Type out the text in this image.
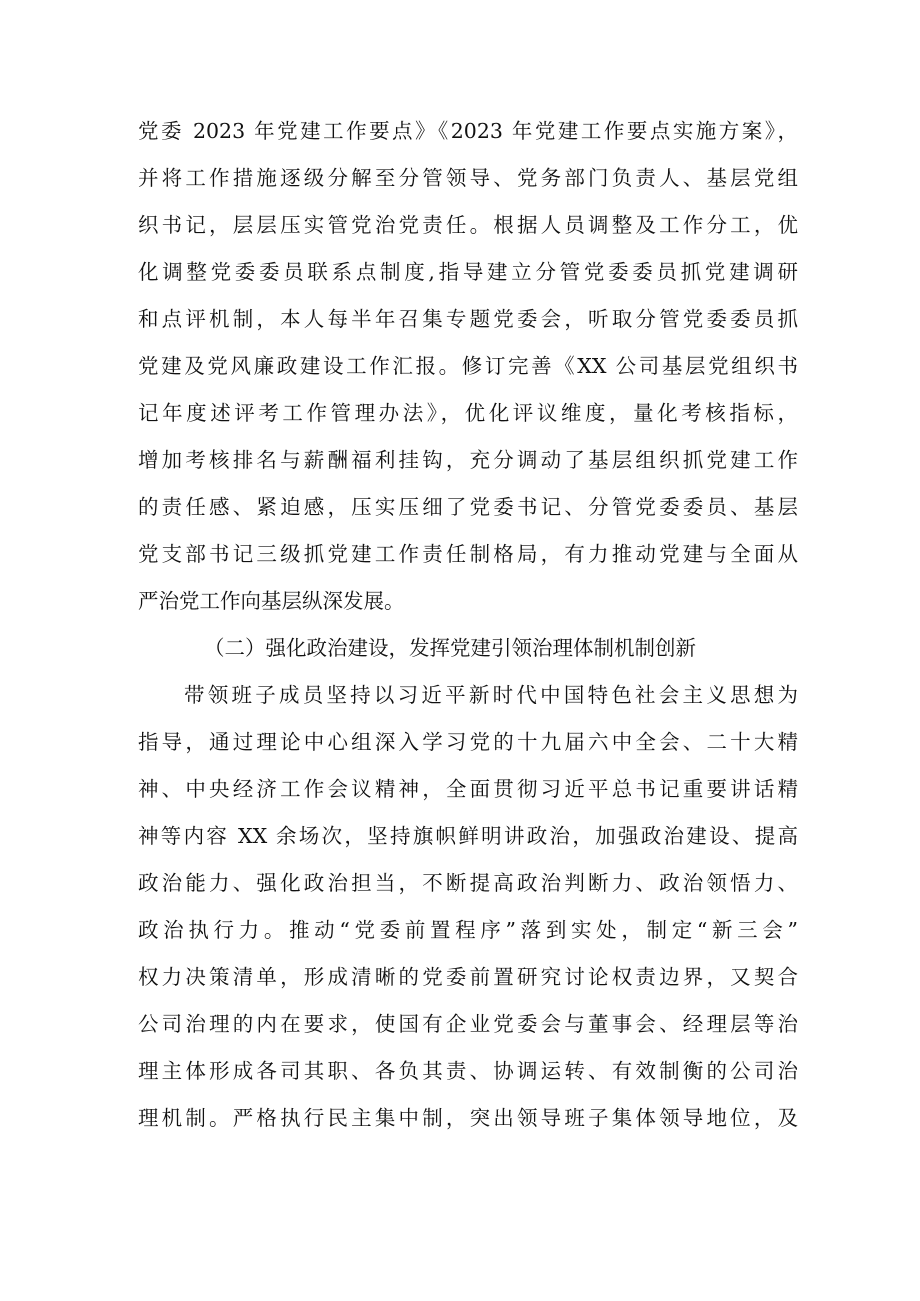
党委 2023 年党建工作要点》《2023 年党建工作要点实施方案》，
并将工作措施逐级分解至分管领导、党务部门负责人、基层党组
织书记，层层压实管党治党责任。根据人员调整及工作分工，优
化调整党委委员联系点制度,指导建立分管党委委员抓党建调研
和点评机制，本人每半年召集专题党委会，听取分管党委委员抓
党建及党风廉政建设工作汇报。修订完善《XX 公司基层党组织书
记年度述评考工作管理办法》，优化评议维度，量化考核指标，
增加考核排名与薪酬福利挂钩，充分调动了基层组织抓党建工作
的责任感、紧迫感，压实压细了党委书记、分管党委委员、基层
党支部书记三级抓党建工作责任制格局，有力推动党建与全面从
严治党工作向基层纵深发展。
（二）强化政治建设，发挥党建引领治理体制机制创新
带领班子成员坚持以习近平新时代中国特色社会主义思想为
指导，通过理论中心组深入学习党的十九届六中全会、二十大精
神、中央经济工作会议精神，全面贯彻习近平总书记重要讲话精
神等内容 XX 余场次，坚持旗帜鲜明讲政治，加强政治建设、提高
政治能力、强化政治担当，不断提高政治判断力、政治领悟力、
政治执行力。推动“党委前置程序”落到实处，制定“新三会”
权力决策清单，形成清晰的党委前置研究讨论权责边界，又契合
公司治理的内在要求，使国有企业党委会与董事会、经理层等治
理主体形成各司其职、各负其责、协调运转、有效制衡的公司治
理机制。严格执行民主集中制，突出领导班子集体领导地位，及
